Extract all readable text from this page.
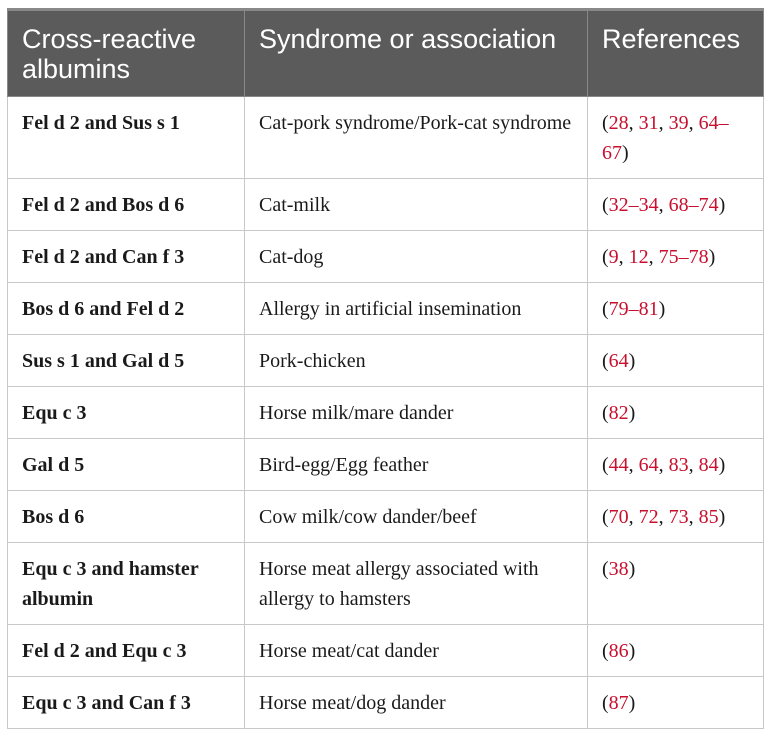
Cross-reactive albumins	Syndrome or association	References
Fel d 2 and Sus s 1	Cat-pork syndrome/Pork-cat syndrome	(28, 31, 39, 64–67)
Fel d 2 and Bos d 6	Cat-milk	(32–34, 68–74)
Fel d 2 and Can f 3	Cat-dog	(9, 12, 75–78)
Bos d 6 and Fel d 2	Allergy in artificial insemination	(79–81)
Sus s 1 and Gal d 5	Pork-chicken	(64)
Equ c 3	Horse milk/mare dander	(82)
Gal d 5	Bird-egg/Egg feather	(44, 64, 83, 84)
Bos d 6	Cow milk/cow dander/beef	(70, 72, 73, 85)
Equ c 3 and hamster albumin	Horse meat allergy associated with allergy to hamsters	(38)
Fel d 2 and Equ c 3	Horse meat/cat dander	(86)
Equ c 3 and Can f 3	Horse meat/dog dander	(87)
